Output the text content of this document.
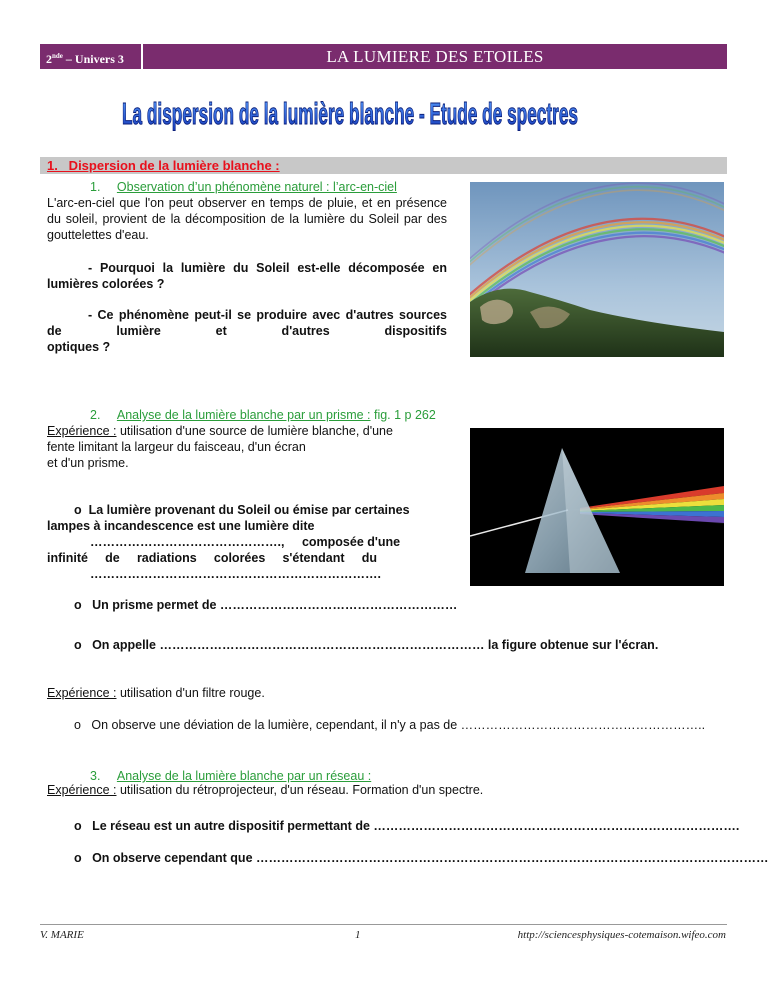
2nde – Univers 3	LA LUMIERE DES ETOILES
La dispersion de la lumière blanche - Etude de spectres
1.   Dispersion de la lumière blanche :
1. Observation d’un phénomène naturel : l’arc-en-ciel
L'arc-en-ciel que l'on peut observer en temps de pluie, et en présence du soleil, provient de la décomposition de la lumière du Soleil par des gouttelettes d'eau.
- Pourquoi la lumière du Soleil est-elle décomposée en lumières colorées ?
- Ce phénomène peut-il se produire avec d'autres sources de lumière et d'autres dispositifs
optiques ?
2. Analyse de la lumière blanche par un prisme : fig. 1 p 262
Expérience : utilisation d'une source de lumière blanche, d'une
fente limitant la largeur du faisceau, d'un écran
et d'un prisme.
o La lumière provenant du Soleil ou émise par certaines
lampes à incandescence est une lumière dite
………………………………………., composée d'une
infinité de radiations colorées s'étendant du
…………………………………………………………….
o Un prisme permet de …………………………………………………
o On appelle …………………………………………………………………… la figure obtenue sur l'écran.
Expérience : utilisation d'un filtre rouge.
o On observe une déviation de la lumière, cependant, il n'y a pas de …………………………………………………..
3. Analyse de la lumière blanche par un réseau :
Expérience : utilisation du rétroprojecteur, d'un réseau. Formation d'un spectre.
o Le réseau est un autre dispositif permettant de …………………………………………………………………………….
o On observe cependant que ……………………………………………………………………………………………………………
V. MARIE	1	http://sciencesphysiques-cotemaison.wifeo.com
